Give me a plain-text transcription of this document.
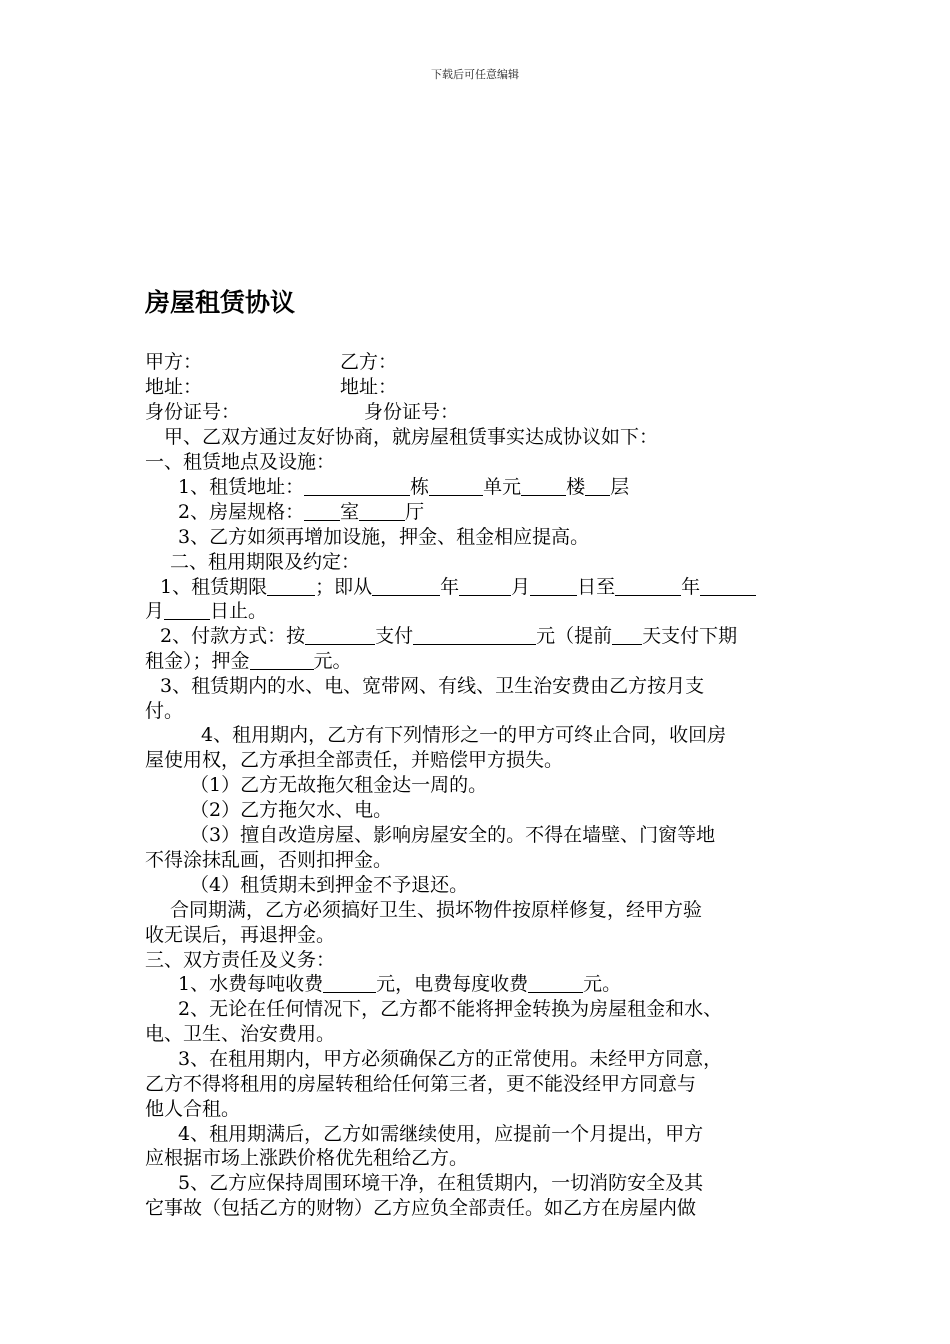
下载后可任意编辑
房屋租赁协议
甲方：	乙方：
地址：	地址：
身份证号：	身份证号：
甲、乙双方通过友好协商，就房屋租赁事实达成协议如下：
一、租赁地点及设施：
1、租赁地址：	栋	单元 楼 层
2、房屋规格： 室 厅
3、乙方如须再增加设施，押金、租金相应提高。
二、租用期限及约定：
1、租赁期限	；即从	年	月 日至	年
月 日止。
2、付款方式：按	支付	元（提前 天支付下期
租金）；押金	元。
3、租赁期内的水、电、宽带网、有线、卫生治安费由乙方按月支
付。
4、租用期内，乙方有下列情形之一的甲方可终止合同，收回房
屋使用权，乙方承担全部责任，并赔偿甲方损失。
（1）乙方无故拖欠租金达一周的。
（2）乙方拖欠水、电。
（3）擅自改造房屋、影响房屋安全的。不得在墙壁、门窗等地
不得涂抹乱画，否则扣押金。
（4）租赁期未到押金不予退还。
合同期满，乙方必须搞好卫生、损坏物件按原样修复，经甲方验
收无误后，再退押金。
三、双方责任及义务：
1、水费每吨收费	元，电费每度收费	元。
2、无论在任何情况下，乙方都不能将押金转换为房屋租金和水、
电、卫生、治安费用。
3、在租用期内，甲方必须确保乙方的正常使用。未经甲方同意，
乙方不得将租用的房屋转租给任何第三者，更不能没经甲方同意与
他人合租。
4、租用期满后，乙方如需继续使用，应提前一个月提出，甲方
应根据市场上涨跌价格优先租给乙方。
5、乙方应保持周围环境干净，在租赁期内，一切消防安全及其
它事故（包括乙方的财物）乙方应负全部责任。如乙方在房屋内做
